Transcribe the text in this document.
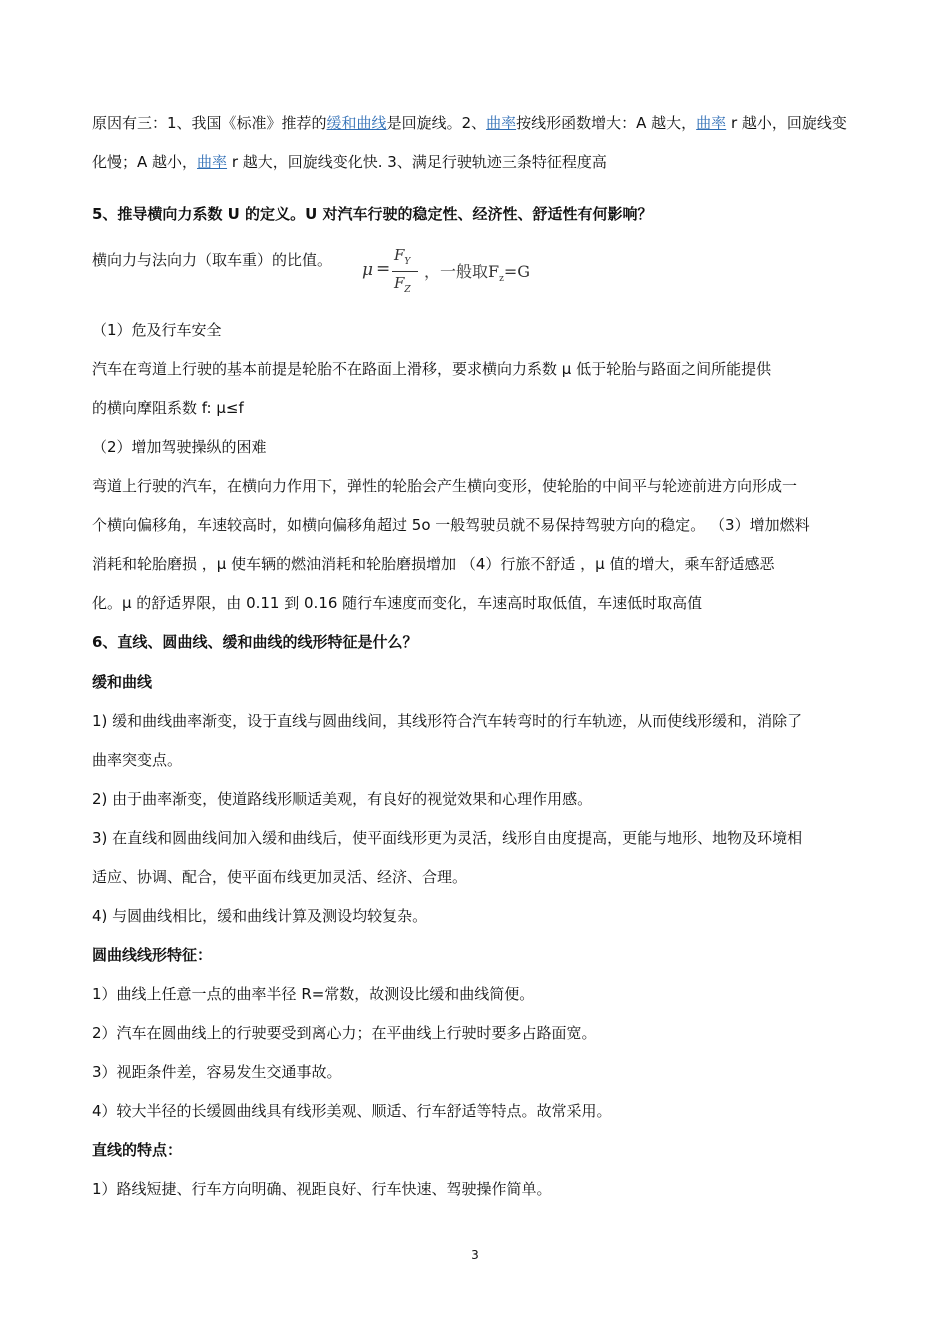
原因有三：1、我国《标准》推荐的缓和曲线是回旋线。2、曲率按线形函数增大：A 越大，曲率 r 越小，回旋线变
化慢；A 越小，曲率 r 越大，回旋线变化快. 3、满足行驶轨迹三条特征程度高
5、推导横向力系数 U 的定义。U 对汽车行驶的稳定性、经济性、舒适性有何影响？
横向力与法向力（取车重）的比值。 μ =
$F_Y$
$F_Z$
，一般取$F_z=G$
（1）危及行车安全
汽车在弯道上行驶的基本前提是轮胎不在路面上滑移，要求横向力系数 μ 低于轮胎与路面之间所能提供
的横向摩阻系数 f: μ≤f
（2）增加驾驶操纵的困难
弯道上行驶的汽车，在横向力作用下，弹性的轮胎会产生横向变形，使轮胎的中间平与轮迹前进方向形成一
个横向偏移角，车速较高时，如横向偏移角超过 5o 一般驾驶员就不易保持驾驶方向的稳定。 （3）增加燃料
消耗和轮胎磨损 ，μ 使车辆的燃油消耗和轮胎磨损增加 （4）行旅不舒适 ，μ 值的增大，乘车舒适感恶
化。μ 的舒适界限，由 0.11 到 0.16 随行车速度而变化，车速高时取低值，车速低时取高值
6、直线、圆曲线、缓和曲线的线形特征是什么？
缓和曲线
1) 缓和曲线曲率渐变，设于直线与圆曲线间，其线形符合汽车转弯时的行车轨迹，从而使线形缓和，消除了
曲率突变点。
2) 由于曲率渐变，使道路线形顺适美观，有良好的视觉效果和心理作用感。
3) 在直线和圆曲线间加入缓和曲线后，使平面线形更为灵活，线形自由度提高，更能与地形、地物及环境相
适应、协调、配合，使平面布线更加灵活、经济、合理。
4) 与圆曲线相比，缓和曲线计算及测设均较复杂。
圆曲线线形特征：
1）曲线上任意一点的曲率半径 R=常数，故测设比缓和曲线简便。
2）汽车在圆曲线上的行驶要受到离心力；在平曲线上行驶时要多占路面宽。
3）视距条件差，容易发生交通事故。
4）较大半径的长缓圆曲线具有线形美观、顺适、行车舒适等特点。故常采用。
直线的特点：
1）路线短捷、行车方向明确、视距良好、行车快速、驾驶操作简单。
3
